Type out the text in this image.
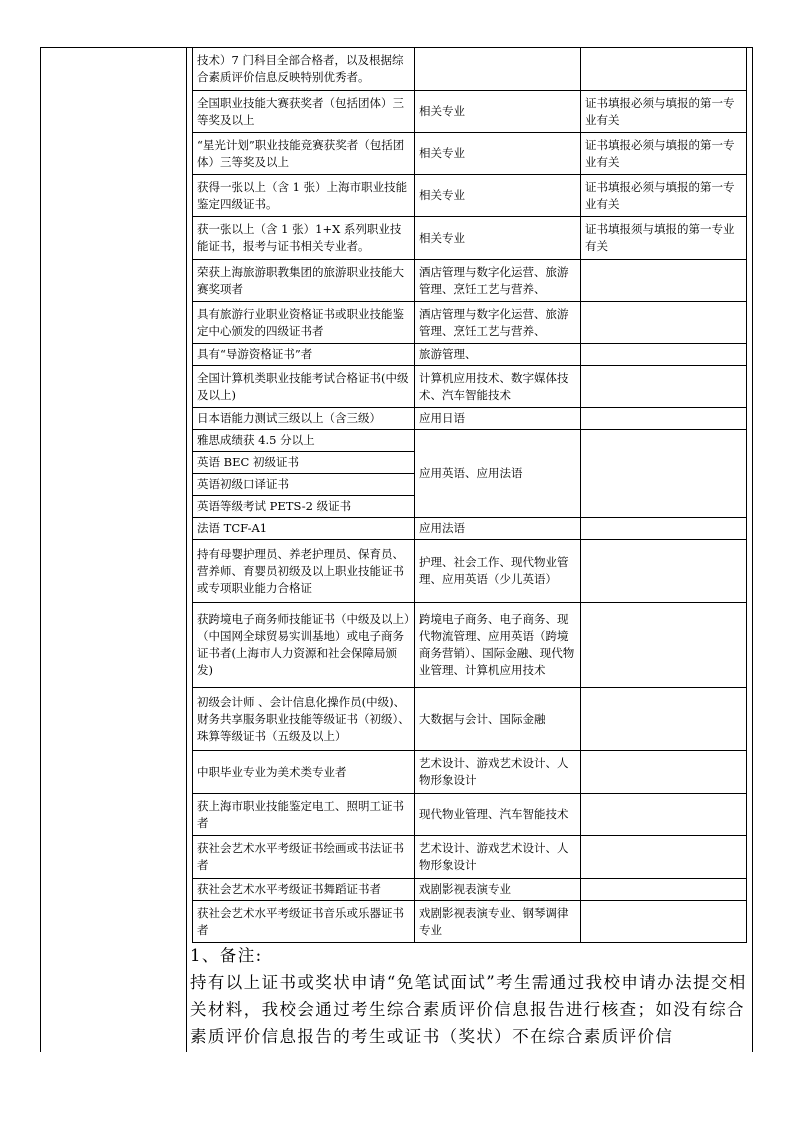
技术）7 门科目全部合格者，以及根据综合素质评价信息反映特别优秀者。		
全国职业技能大赛获奖者（包括团体）三等奖及以上	相关专业	证书填报必须与填报的第一专业有关
“星光计划”职业技能竞赛获奖者（包括团体）三等奖及以上	相关专业	证书填报必须与填报的第一专业有关
获得一张以上（含 1 张）上海市职业技能鉴定四级证书。	相关专业	证书填报必须与填报的第一专业有关
获一张以上（含 1 张）1+X 系列职业技能证书，报考与证书相关专业者。	相关专业	证书填报须与填报的第一专业有关
荣获上海旅游职教集团的旅游职业技能大赛奖项者	酒店管理与数字化运营、旅游管理、烹饪工艺与营养、	
具有旅游行业职业资格证书或职业技能鉴定中心颁发的四级证书者	酒店管理与数字化运营、旅游管理、烹饪工艺与营养、	
具有“导游资格证书”者	旅游管理、	
全国计算机类职业技能考试合格证书(中级及以上)	计算机应用技术、数字媒体技术、汽车智能技术	
日本语能力测试三级以上（含三级）	应用日语	
雅思成绩获 4.5 分以上	应用英语、应用法语	
英语 BEC 初级证书		
英语初级口译证书		
英语等级考试 PETS-2 级证书		
法语 TCF-A1	应用法语	
持有母婴护理员、养老护理员、保育员、营养师、育婴员初级及以上职业技能证书或专项职业能力合格证	护理、社会工作、现代物业管理、应用英语（少儿英语）	
获跨境电子商务师技能证书（中级及以上）（中国网全球贸易实训基地）或电子商务证书者(上海市人力资源和社会保障局颁发)	跨境电子商务、电子商务、现代物流管理、应用英语（跨境商务营销）、国际金融、现代物业管理、计算机应用技术	
初级会计师 、会计信息化操作员(中级)、财务共享服务职业技能等级证书（初级）、珠算等级证书（五级及以上）	大数据与会计、国际金融	
中职毕业专业为美术类专业者	艺术设计、游戏艺术设计、人物形象设计	
获上海市职业技能鉴定电工、照明工证书者	现代物业管理、汽车智能技术	
获社会艺术水平考级证书绘画或书法证书者	艺术设计、游戏艺术设计、人物形象设计	
获社会艺术水平考级证书舞蹈证书者	戏剧影视表演专业	
获社会艺术水平考级证书音乐或乐器证书者	戏剧影视表演专业、钢琴调律专业	

1、备注:

持有以上证书或奖状申请“免笔试面试”考生需通过我校申请办法提交相关材料，我校会通过考生综合素质评价信息报告进行核查；如没有综合素质评价信息报告的考生或证书（奖状）不在综合素质评价信
